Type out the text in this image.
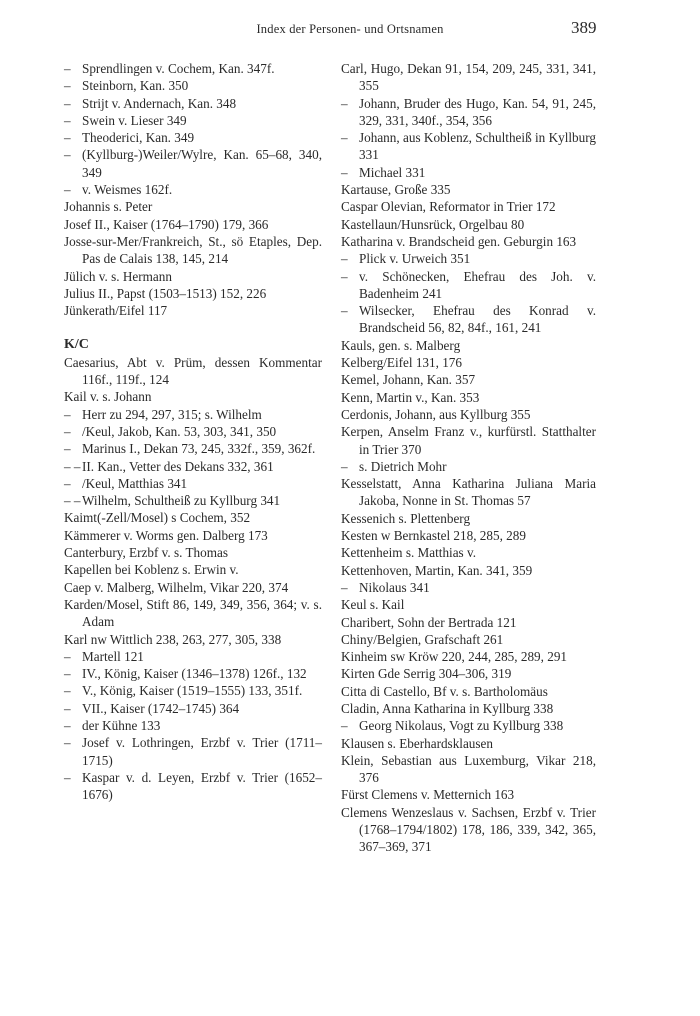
Index der Personen- und Ortsnamen	389
– Sprendlingen v. Cochem, Kan. 347f.
– Steinborn, Kan. 350
– Strijt v. Andernach, Kan. 348
– Swein v. Lieser 349
– Theoderici, Kan. 349
– (Kyllburg-)Weiler/Wylre, Kan. 65–68, 340, 349
– v. Weismes 162f.
Johannis s. Peter
Josef II., Kaiser (1764–1790) 179, 366
Josse-sur-Mer/Frankreich, St., sö Etaples, Dep. Pas de Calais 138, 145, 214
Jülich v. s. Hermann
Julius II., Papst (1503–1513) 152, 226
Jünkerath/Eifel 117
K/C
Caesarius, Abt v. Prüm, dessen Kommentar 116f., 119f., 124
Kail v. s. Johann
– Herr zu 294, 297, 315; s. Wilhelm
– /Keul, Jakob, Kan. 53, 303, 341, 350
– Marinus I., Dekan 73, 245, 332f., 359, 362f.
– – II. Kan., Vetter des Dekans 332, 361
– /Keul, Matthias 341
– – Wilhelm, Schultheiß zu Kyllburg 341
Kaimt(-Zell/Mosel) s Cochem, 352
Kämmerer v. Worms gen. Dalberg 173
Canterbury, Erzbf v. s. Thomas
Kapellen bei Koblenz s. Erwin v.
Caep v. Malberg, Wilhelm, Vikar 220, 374
Karden/Mosel, Stift 86, 149, 349, 356, 364; v. s. Adam
Karl nw Wittlich 238, 263, 277, 305, 338
– Martell 121
– IV., König, Kaiser (1346–1378) 126f., 132
– V., König, Kaiser (1519–1555) 133, 351f.
– VII., Kaiser (1742–1745) 364
– der Kühne 133
– Josef v. Lothringen, Erzbf v. Trier (1711–1715)
– Kaspar v. d. Leyen, Erzbf v. Trier (1652–1676)
Carl, Hugo, Dekan 91, 154, 209, 245, 331, 341, 355
– Johann, Bruder des Hugo, Kan. 54, 91, 245, 329, 331, 340f., 354, 356
– Johann, aus Koblenz, Schultheiß in Kyllburg 331
– Michael 331
Kartause, Große 335
Caspar Olevian, Reformator in Trier 172
Kastellaun/Hunsrück, Orgelbau 80
Katharina v. Brandscheid gen. Geburgin 163
– Plick v. Urweich 351
– v. Schönecken, Ehefrau des Joh. v. Badenheim 241
– Wilsecker, Ehefrau des Konrad v. Brandscheid 56, 82, 84f., 161, 241
Kauls, gen. s. Malberg
Kelberg/Eifel 131, 176
Kemel, Johann, Kan. 357
Kenn, Martin v., Kan. 353
Cerdonis, Johann, aus Kyllburg 355
Kerpen, Anselm Franz v., kurfürstl. Statthalter in Trier 370
– s. Dietrich Mohr
Kesselstatt, Anna Katharina Juliana Maria Jakoba, Nonne in St. Thomas 57
Kessenich s. Plettenberg
Kesten w Bernkastel 218, 285, 289
Kettenheim s. Matthias v.
Kettenhoven, Martin, Kan. 341, 359
– Nikolaus 341
Keul s. Kail
Charibert, Sohn der Bertrada 121
Chiny/Belgien, Grafschaft 261
Kinheim sw Kröw 220, 244, 285, 289, 291
Kirten Gde Serrig 304–306, 319
Citta di Castello, Bf v. s. Bartholomäus
Cladin, Anna Katharina in Kyllburg 338
– Georg Nikolaus, Vogt zu Kyllburg 338
Klausen s. Eberhardsklausen
Klein, Sebastian aus Luxemburg, Vikar 218, 376
Fürst Clemens v. Metternich 163
Clemens Wenzeslaus v. Sachsen, Erzbf v. Trier (1768–1794/1802) 178, 186, 339, 342, 365, 367–369, 371
